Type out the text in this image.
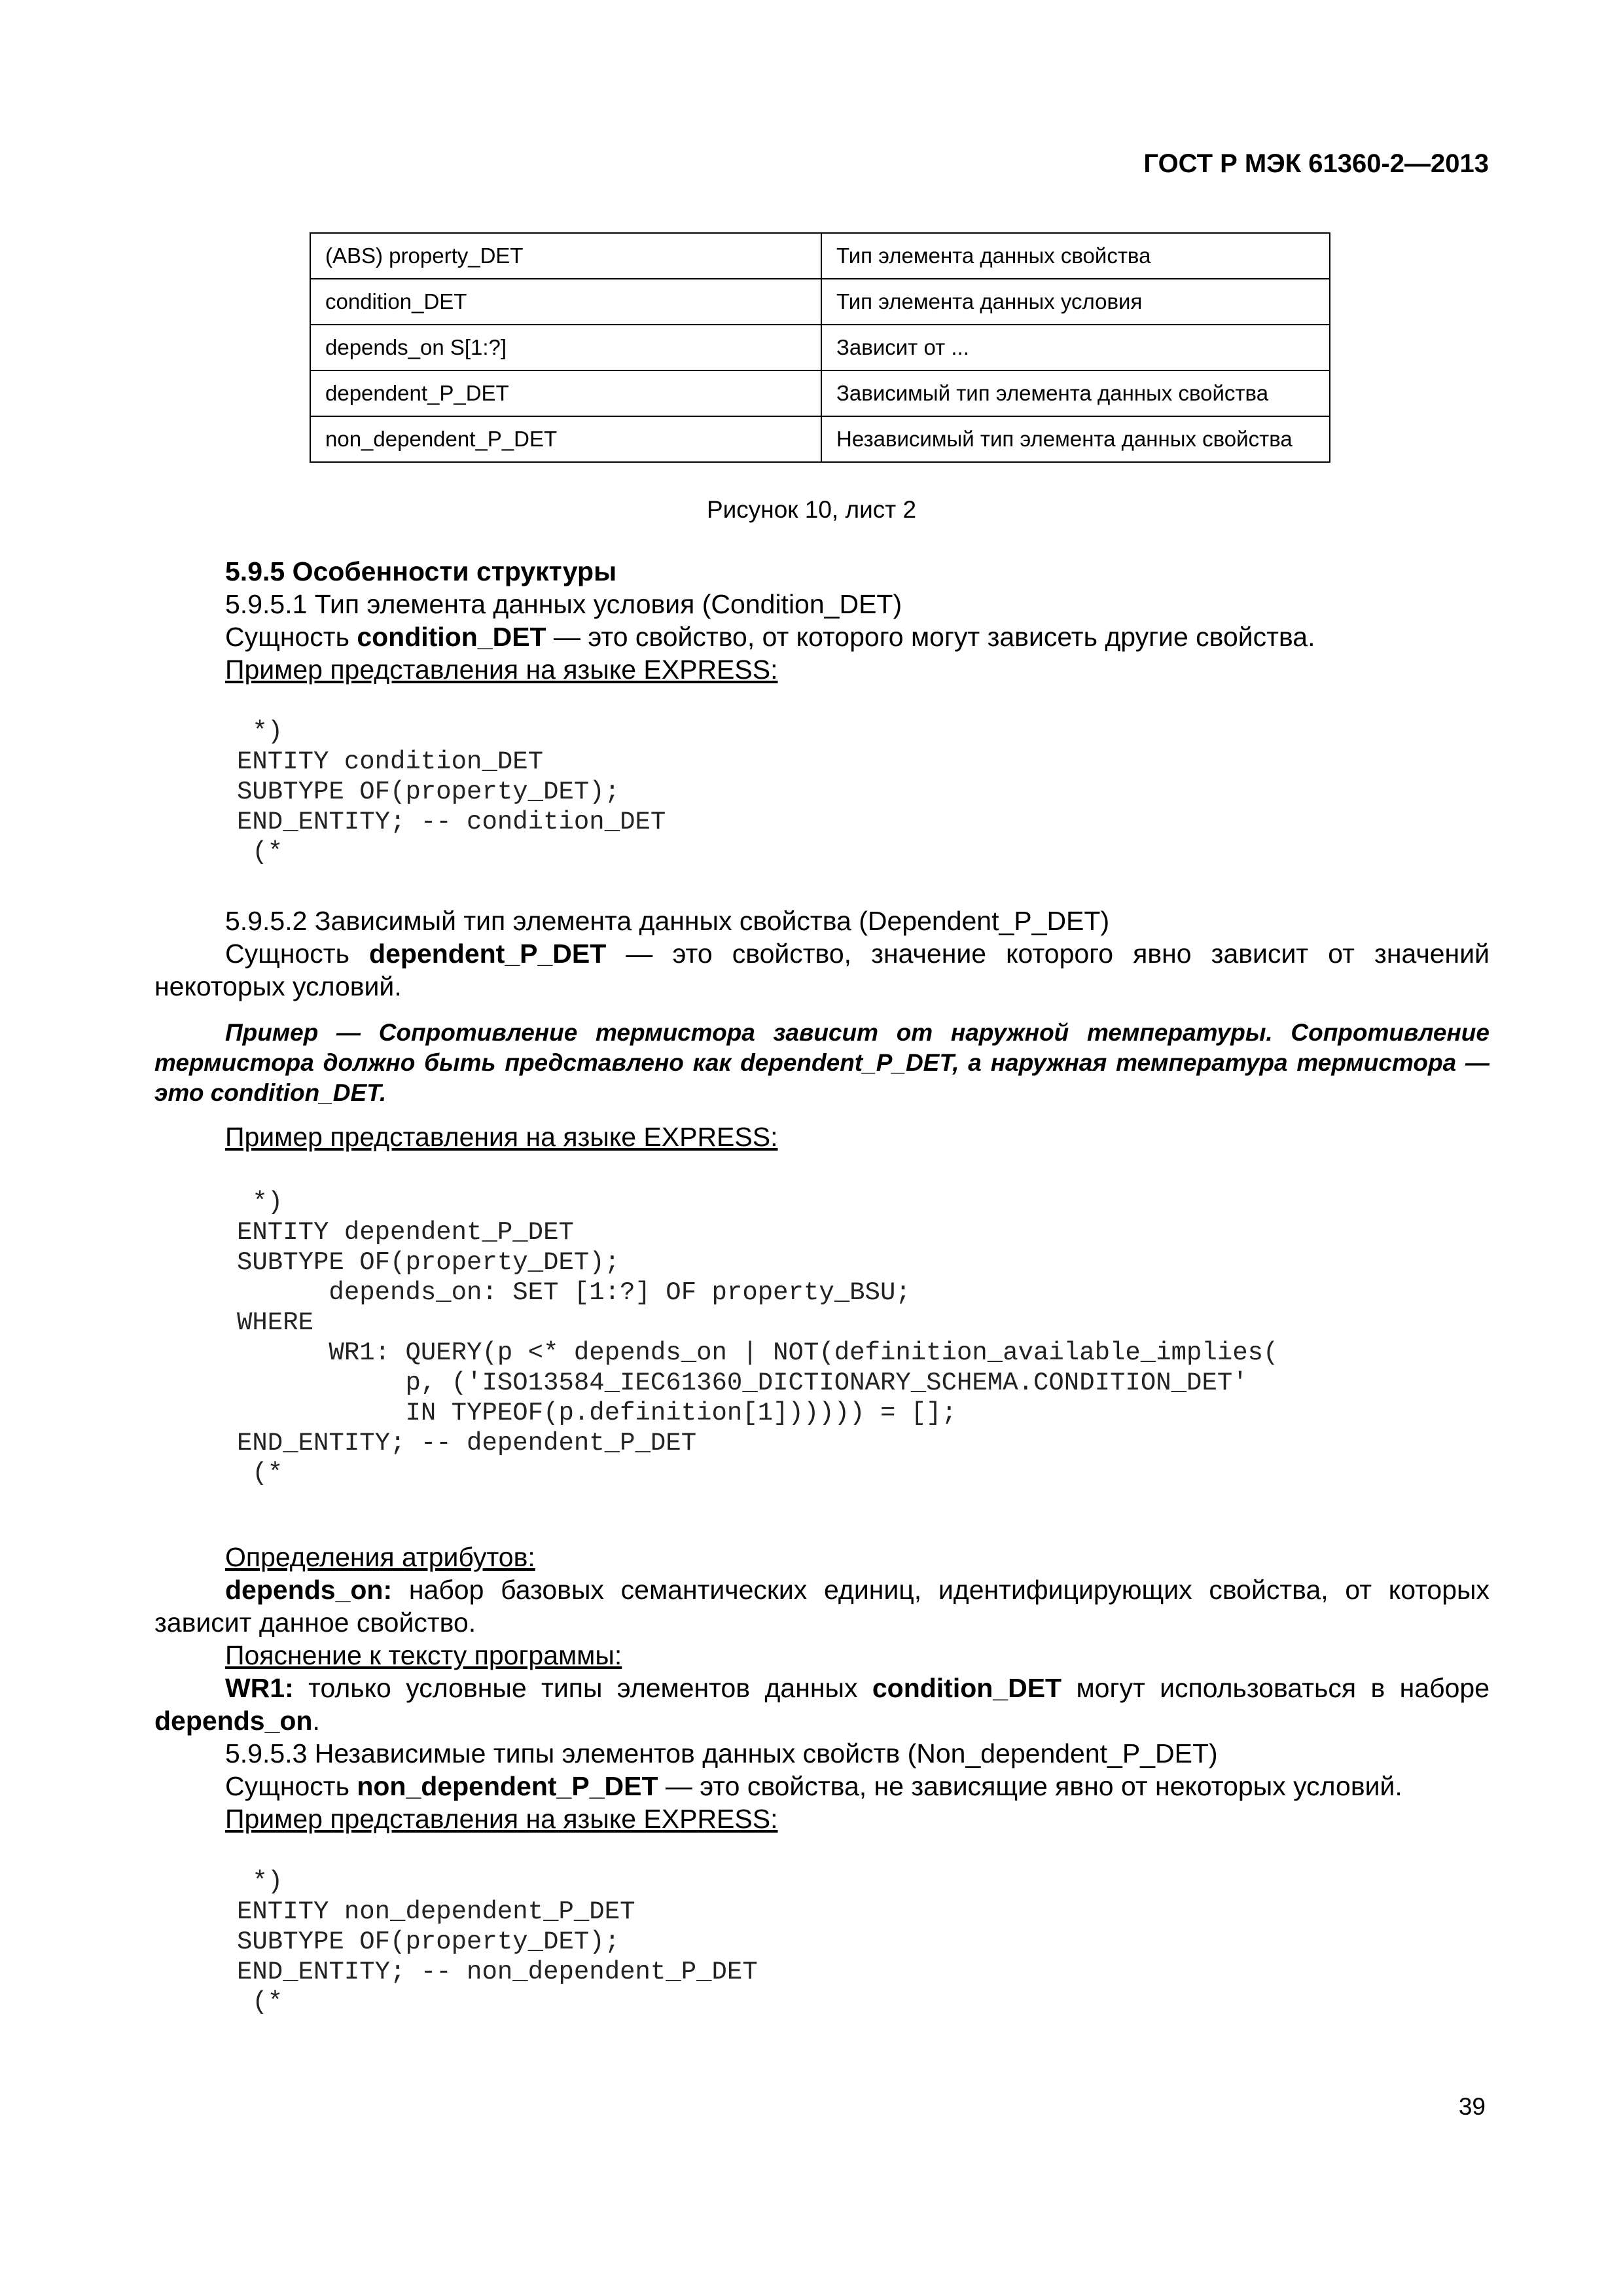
ГОСТ Р МЭК 61360-2—2013
(ABS) property_DET	Тип элемента данных свойства
condition_DET	Тип элемента данных условия
depends_on S[1:?]	Зависит от ...
dependent_P_DET	Зависимый тип элемента данных свойства
non_dependent_P_DET	Независимый тип элемента данных свойства
Рисунок 10, лист 2
5.9.5 Особенности структуры
5.9.5.1 Тип элемента данных условия (Condition_DET)
Сущность condition_DET — это свойство, от которого могут зависеть другие свойства.
Пример представления на языке EXPRESS:
*)
ENTITY condition_DET
SUBTYPE OF(property_DET);
END_ENTITY; -- condition_DET
(*
5.9.5.2 Зависимый тип элемента данных свойства (Dependent_P_DET)
Сущность dependent_P_DET — это свойство, значение которого явно зависит от значений некоторых условий.
Пример — Сопротивление термистора зависит от наружной температуры. Сопротивление термистора должно быть представлено как dependent_P_DET, а наружная температура термистора — это condition_DET.
Пример представления на языке EXPRESS:
*)
ENTITY dependent_P_DET
SUBTYPE OF(property_DET);
depends_on: SET [1:?] OF property_BSU;
WHERE
WR1: QUERY(p <* depends_on | NOT(definition_available_implies(
p, ('ISO13584_IEC61360_DICTIONARY_SCHEMA.CONDITION_DET'
IN TYPEOF(p.definition[1]))))) = [];
END_ENTITY; -- dependent_P_DET
(*
Определения атрибутов:
depends_on: набор базовых семантических единиц, идентифицирующих свойства, от которых зависит данное свойство.
Пояснение к тексту программы:
WR1: только условные типы элементов данных condition_DET могут использоваться в наборе depends_on.
5.9.5.3 Независимые типы элементов данных свойств (Non_dependent_P_DET)
Сущность non_dependent_P_DET — это свойства, не зависящие явно от некоторых условий.
Пример представления на языке EXPRESS:
*)
ENTITY non_dependent_P_DET
SUBTYPE OF(property_DET);
END_ENTITY; -- non_dependent_P_DET
(*
39
